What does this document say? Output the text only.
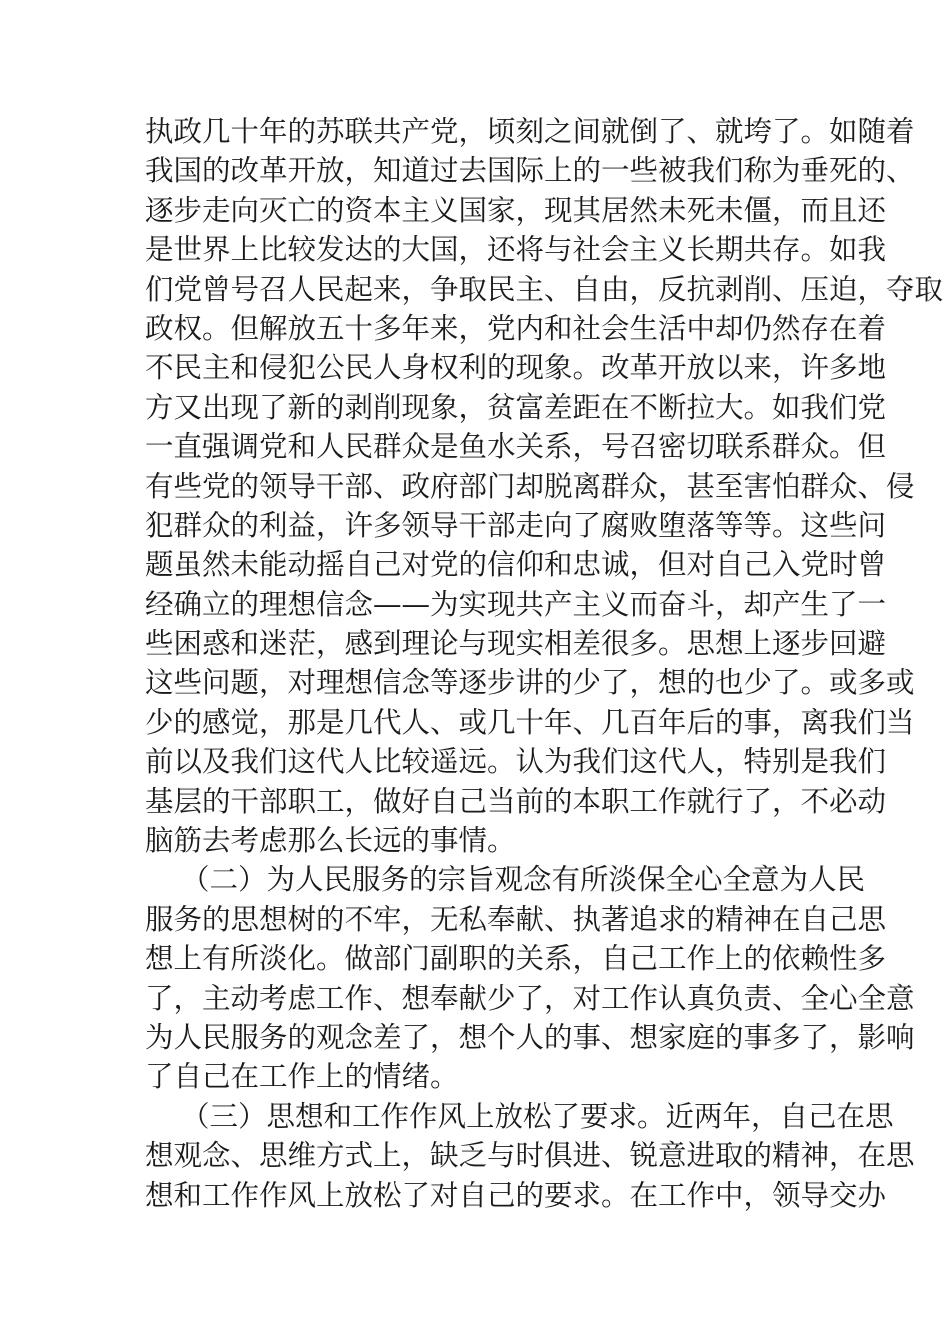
执政几十年的苏联共产党，顷刻之间就倒了、就垮了。如随着
我国的改革开放，知道过去国际上的一些被我们称为垂死的、
逐步走向灭亡的资本主义国家，现其居然未死未僵，而且还
是世界上比较发达的大国，还将与社会主义长期共存。如我
们党曾号召人民起来，争取民主、自由，反抗剥削、压迫，夺取
政权。但解放五十多年来，党内和社会生活中却仍然存在着
不民主和侵犯公民人身权利的现象。改革开放以来，许多地
方又出现了新的剥削现象，贫富差距在不断拉大。如我们党
一直强调党和人民群众是鱼水关系，号召密切联系群众。但
有些党的领导干部、政府部门却脱离群众，甚至害怕群众、侵
犯群众的利益，许多领导干部走向了腐败堕落等等。这些问
题虽然未能动摇自己对党的信仰和忠诚，但对自己入党时曾
经确立的理想信念——为实现共产主义而奋斗，却产生了一
些困惑和迷茫，感到理论与现实相差很多。思想上逐步回避
这些问题，对理想信念等逐步讲的少了，想的也少了。或多或
少的感觉，那是几代人、或几十年、几百年后的事，离我们当
前以及我们这代人比较遥远。认为我们这代人，特别是我们
基层的干部职工，做好自己当前的本职工作就行了，不必动
脑筋去考虑那么长远的事情。
（二）为人民服务的宗旨观念有所淡保全心全意为人民
服务的思想树的不牢，无私奉献、执著追求的精神在自己思
想上有所淡化。做部门副职的关系，自己工作上的依赖性多
了，主动考虑工作、想奉献少了，对工作认真负责、全心全意
为人民服务的观念差了，想个人的事、想家庭的事多了，影响
了自己在工作上的情绪。
（三）思想和工作作风上放松了要求。近两年，自己在思
想观念、思维方式上，缺乏与时俱进、锐意进取的精神，在思
想和工作作风上放松了对自己的要求。在工作中，领导交办
